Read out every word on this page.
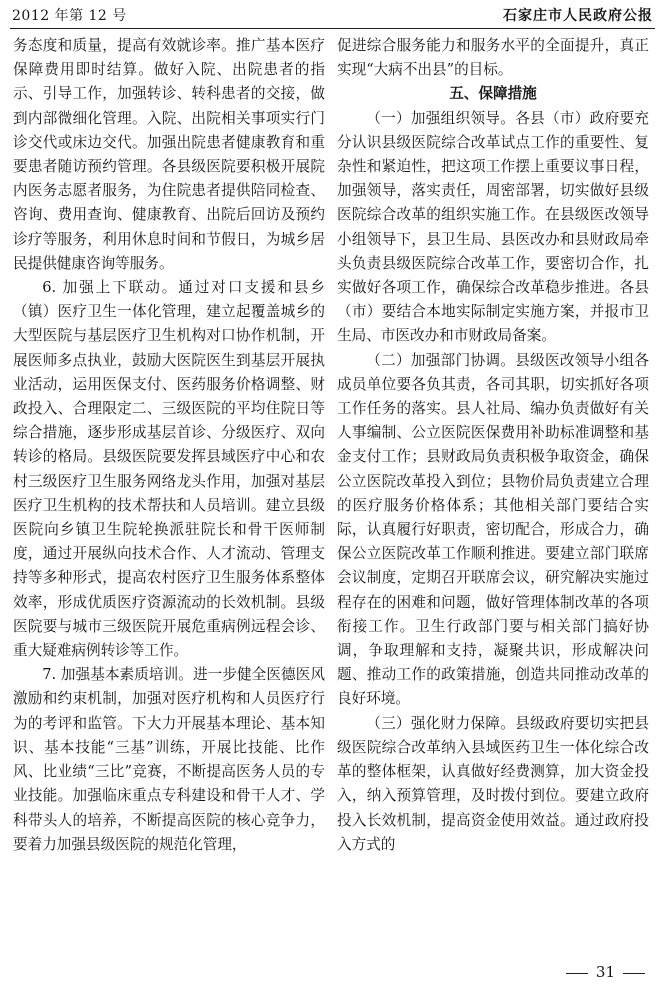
2012 年第 12 号	石家庄市人民政府公报

务态度和质量，提高有效就诊率。推广基本医疗保障费用即时结算。做好入院、出院患者的指示、引导工作，加强转诊、转科患者的交接，做到内部微细化管理。入院、出院相关事项实行门诊交代或床边交代。加强出院患者健康教育和重要患者随访预约管理。各县级医院要积极开展院内医务志愿者服务，为住院患者提供陪同检查、咨询、费用查询、健康教育、出院后回访及预约诊疗等服务，利用休息时间和节假日，为城乡居民提供健康咨询等服务。

6. 加强上下联动。通过对口支援和县乡（镇）医疗卫生一体化管理，建立起覆盖城乡的大型医院与基层医疗卫生机构对口协作机制，开展医师多点执业，鼓励大医院医生到基层开展执业活动，运用医保支付、医药服务价格调整、财政投入、合理限定二、三级医院的平均住院日等综合措施，逐步形成基层首诊、分级医疗、双向转诊的格局。县级医院要发挥县域医疗中心和农村三级医疗卫生服务网络龙头作用，加强对基层医疗卫生机构的技术帮扶和人员培训。建立县级医院向乡镇卫生院轮换派驻院长和骨干医师制度，通过开展纵向技术合作、人才流动、管理支持等多种形式，提高农村医疗卫生服务体系整体效率，形成优质医疗资源流动的长效机制。县级医院要与城市三级医院开展危重病例远程会诊、重大疑难病例转诊等工作。

7. 加强基本素质培训。进一步健全医德医风激励和约束机制，加强对医疗机构和人员医疗行为的考评和监管。下大力开展基本理论、基本知识、基本技能“三基”训练，开展比技能、比作风、比业绩“三比”竞赛，不断提高医务人员的专业技能。加强临床重点专科建设和骨干人才、学科带头人的培养，不断提高医院的核心竞争力，要着力加强县级医院的规范化管理，

促进综合服务能力和服务水平的全面提升，真正实现“大病不出县”的目标。

五、保障措施

（一）加强组织领导。各县（市）政府要充分认识县级医院综合改革试点工作的重要性、复杂性和紧迫性，把这项工作摆上重要议事日程，加强领导，落实责任，周密部署，切实做好县级医院综合改革的组织实施工作。在县级医改领导小组领导下，县卫生局、县医改办和县财政局牵头负责县级医院综合改革工作，要密切合作，扎实做好各项工作，确保综合改革稳步推进。各县（市）要结合本地实际制定实施方案，并报市卫生局、市医改办和市财政局备案。

（二）加强部门协调。县级医改领导小组各成员单位要各负其责，各司其职，切实抓好各项工作任务的落实。县人社局、编办负责做好有关人事编制、公立医院医保费用补助标准调整和基金支付工作；县财政局负责积极争取资金，确保公立医院改革投入到位；县物价局负责建立合理的医疗服务价格体系；其他相关部门要结合实际，认真履行好职责，密切配合，形成合力，确保公立医院改革工作顺利推进。要建立部门联席会议制度，定期召开联席会议，研究解决实施过程存在的困难和问题，做好管理体制改革的各项衔接工作。卫生行政部门要与相关部门搞好协调，争取理解和支持，凝聚共识，形成解决问题、推动工作的政策措施，创造共同推动改革的良好环境。

（三）强化财力保障。县级政府要切实把县级医院综合改革纳入县域医药卫生一体化综合改革的整体框架，认真做好经费测算，加大资金投入，纳入预算管理，及时拨付到位。要建立政府投入长效机制，提高资金使用效益。通过政府投入方式的

31
